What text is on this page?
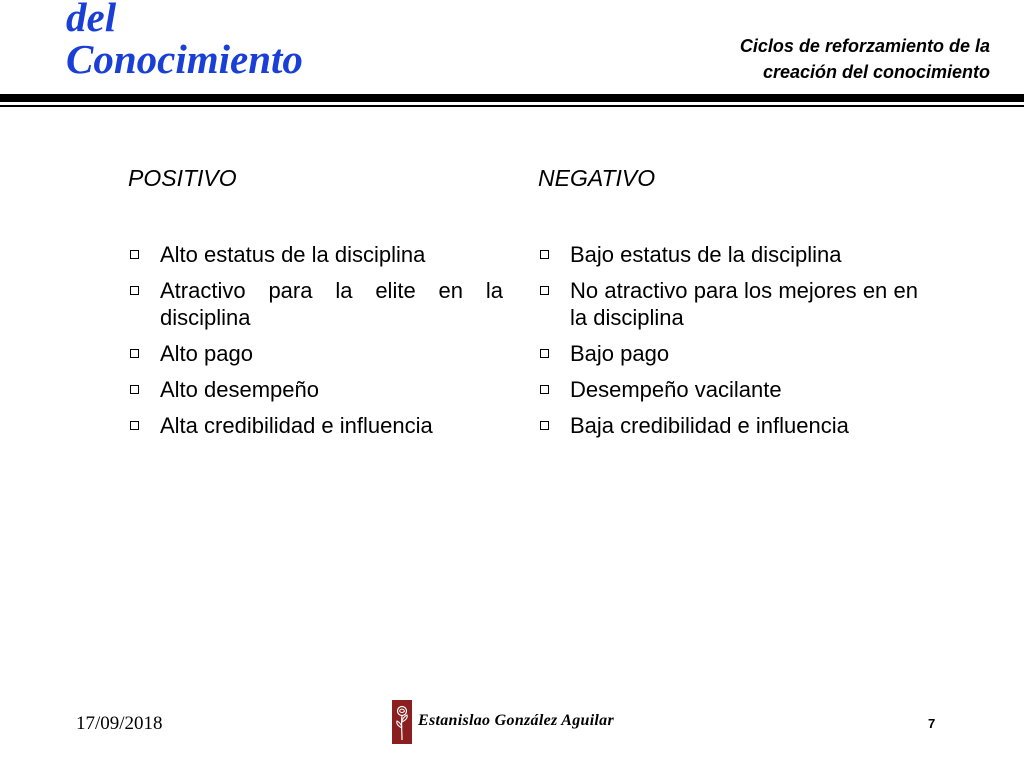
del
Conocimiento	Ciclos de reforzamiento de la
creación del conocimiento
POSITIVO
Alto estatus de la disciplina
Atractivo para la elite en la disciplina
Alto pago
Alto desempeño
Alta credibilidad e influencia
NEGATIVO
Bajo estatus de la disciplina
No atractivo para los mejores en en la disciplina
Bajo pago
Desempeño vacilante
Baja credibilidad e influencia
17/09/2018	Estanislao González Aguilar	7
